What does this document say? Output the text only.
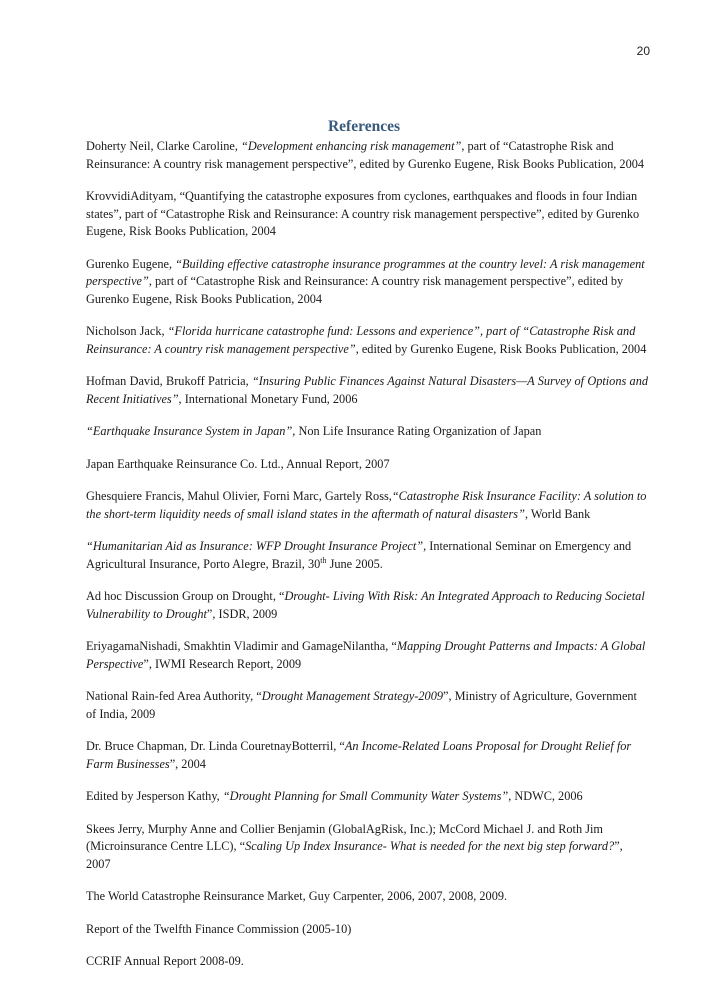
20
References
Doherty Neil, Clarke Caroline, “Development enhancing risk management”, part of “Catastrophe Risk and Reinsurance: A country risk management perspective”, edited by Gurenko Eugene, Risk Books Publication, 2004
KrovvidiAdityam, “Quantifying the catastrophe exposures from cyclones, earthquakes and floods in four Indian states”, part of “Catastrophe Risk and Reinsurance: A country risk management perspective”, edited by Gurenko Eugene, Risk Books Publication, 2004
Gurenko Eugene, “Building effective catastrophe insurance programmes at the country level: A risk management perspective”, part of “Catastrophe Risk and Reinsurance: A country risk management perspective”, edited by Gurenko Eugene, Risk Books Publication, 2004
Nicholson Jack, “Florida hurricane catastrophe fund: Lessons and experience”, part of “Catastrophe Risk and Reinsurance: A country risk management perspective”, edited by Gurenko Eugene, Risk Books Publication, 2004
Hofman David, Brukoff Patricia, “Insuring Public Finances Against Natural Disasters—A Survey of Options and Recent Initiatives”, International Monetary Fund, 2006
“Earthquake Insurance System in Japan”, Non Life Insurance Rating Organization of Japan
Japan Earthquake Reinsurance Co. Ltd., Annual Report, 2007
Ghesquiere Francis, Mahul Olivier, Forni Marc, Gartely Ross,“Catastrophe Risk Insurance Facility: A solution to the short-term liquidity needs of small island states in the aftermath of natural disasters”, World Bank
“Humanitarian Aid as Insurance: WFP Drought Insurance Project”, International Seminar on Emergency and Agricultural Insurance, Porto Alegre, Brazil, 30th June 2005.
Ad hoc Discussion Group on Drought, “Drought- Living With Risk: An Integrated Approach to Reducing Societal Vulnerability to Drought”, ISDR, 2009
EriyagamaNishadi, Smakhtin Vladimir and GamageNilantha, “Mapping Drought Patterns and Impacts: A Global Perspective”, IWMI Research Report, 2009
National Rain-fed Area Authority, “Drought Management Strategy-2009”, Ministry of Agriculture, Government of India, 2009
Dr. Bruce Chapman, Dr. Linda CouretnayBotterril, “An Income-Related Loans Proposal for Drought Relief for Farm Businesses”, 2004
Edited by Jesperson Kathy, “Drought Planning for Small Community Water Systems”, NDWC, 2006
Skees Jerry, Murphy Anne and Collier Benjamin (GlobalAgRisk, Inc.); McCord Michael J. and Roth Jim (Microinsurance Centre LLC), “Scaling Up Index Insurance- What is needed for the next big step forward?”, 2007
The World Catastrophe Reinsurance Market, Guy Carpenter, 2006, 2007, 2008, 2009.
Report of the Twelfth Finance Commission (2005-10)
CCRIF Annual Report 2008-09.
